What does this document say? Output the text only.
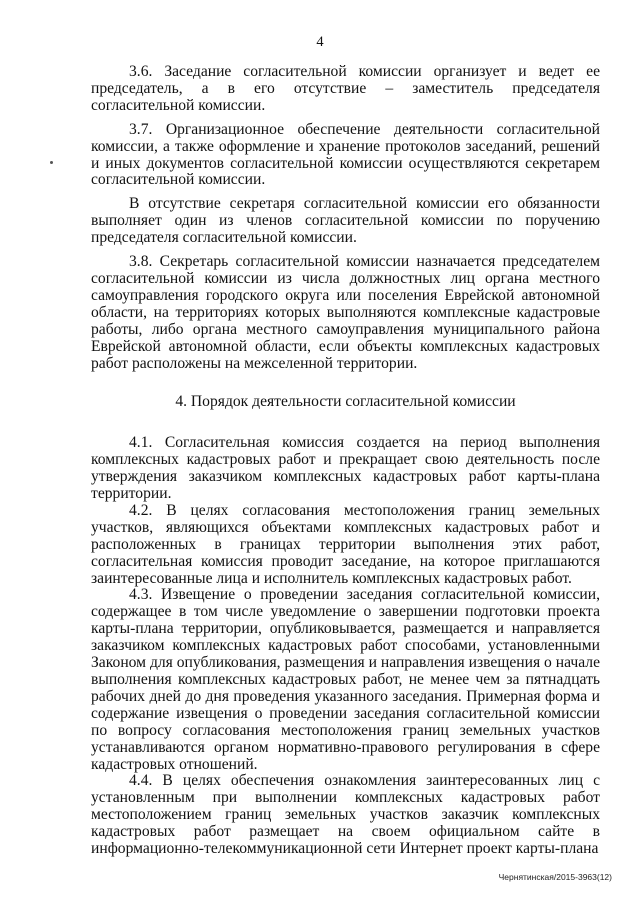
4

3.6. Заседание согласительной комиссии организует и ведет ее председатель, а в его отсутствие – заместитель председателя согласительной комиссии.

3.7. Организационное обеспечение деятельности согласительной комиссии, а также оформление и хранение протоколов заседаний, решений и иных документов согласительной комиссии осуществляются секретарем согласительной комиссии.

В отсутствие секретаря согласительной комиссии его обязанности выполняет один из членов согласительной комиссии по поручению председателя согласительной комиссии.

3.8. Секретарь согласительной комиссии назначается председателем согласительной комиссии из числа должностных лиц органа местного самоуправления городского округа или поселения Еврейской автономной области, на территориях которых выполняются комплексные кадастровые работы, либо органа местного самоуправления муниципального района Еврейской автономной области, если объекты комплексных кадастровых работ расположены на межселенной территории.

4. Порядок деятельности согласительной комиссии

4.1. Согласительная комиссия создается на период выполнения комплексных кадастровых работ и прекращает свою деятельность после утверждения заказчиком комплексных кадастровых работ карты-плана территории.

4.2. В целях согласования местоположения границ земельных участков, являющихся объектами комплексных кадастровых работ и расположенных в границах территории выполнения этих работ, согласительная комиссия проводит заседание, на которое приглашаются заинтересованные лица и исполнитель комплексных кадастровых работ.

4.3. Извещение о проведении заседания согласительной комиссии, содержащее в том числе уведомление о завершении подготовки проекта карты-плана территории, опубликовывается, размещается и направляется заказчиком комплексных кадастровых работ способами, установленными Законом для опубликования, размещения и направления извещения о начале выполнения комплексных кадастровых работ, не менее чем за пятнадцать рабочих дней до дня проведения указанного заседания. Примерная форма и содержание извещения о проведении заседания согласительной комиссии по вопросу согласования местоположения границ земельных участков устанавливаются органом нормативно-правового регулирования в сфере кадастровых отношений.

4.4. В целях обеспечения ознакомления заинтересованных лиц с установленным при выполнении комплексных кадастровых работ местоположением границ земельных участков заказчик комплексных кадастровых работ размещает на своем официальном сайте в информационно-телекоммуникационной сети Интернет проект карты-плана

Чернятинская/2015-3963(12)
